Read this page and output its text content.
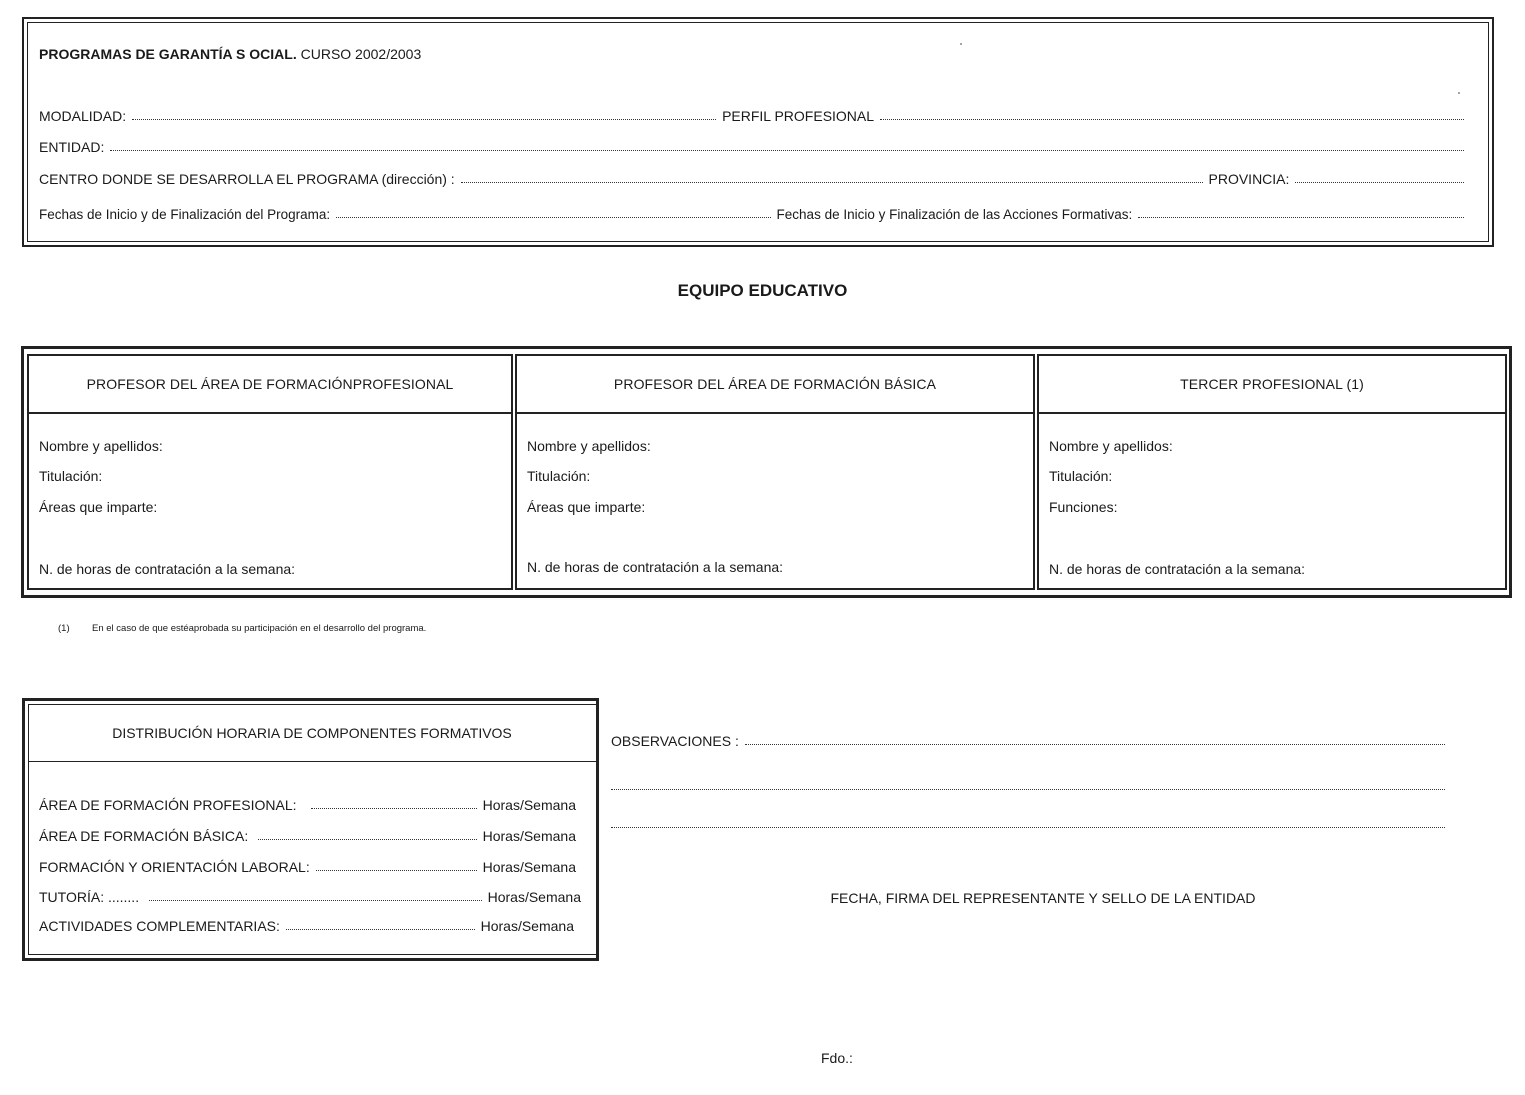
PROGRAMAS DE GARANTÍA S OCIAL. CURSO 2002/2003
MODALIDAD:	PERFIL PROFESIONAL
ENTIDAD:
CENTRO DONDE SE DESARROLLA EL PROGRAMA (dirección) :	PROVINCIA:
Fechas de Inicio y de Finalización del Programa:	Fechas de Inicio y Finalización de las Acciones Formativas:
EQUIPO EDUCATIVO
PROFESOR DEL ÁREA DE FORMACIÓNPROFESIONAL
Nombre y apellidos:
Titulación:
Áreas que imparte:
N. de horas de contratación a la semana:
PROFESOR DEL ÁREA DE FORMACIÓN BÁSICA
Nombre y apellidos:
Titulación:
Áreas que imparte:
N. de horas de contratación a la semana:
TERCER PROFESIONAL (1)
Nombre y apellidos:
Titulación:
Funciones:
N. de horas de contratación a la semana:
(1) En el caso de que estéaprobada su participación en el desarrollo del programa.
DISTRIBUCIÓN HORARIA DE COMPONENTES FORMATIVOS
ÁREA DE FORMACIÓN PROFESIONAL:	Horas/Semana
ÁREA DE FORMACIÓN BÁSICA:	Horas/Semana
FORMACIÓN Y ORIENTACIÓN LABORAL:	Horas/Semana
TUTORÍA: ........	Horas/Semana
ACTIVIDADES COMPLEMENTARIAS:	Horas/Semana
OBSERVACIONES :
FECHA, FIRMA DEL REPRESENTANTE Y SELLO DE LA ENTIDAD
Fdo.:
